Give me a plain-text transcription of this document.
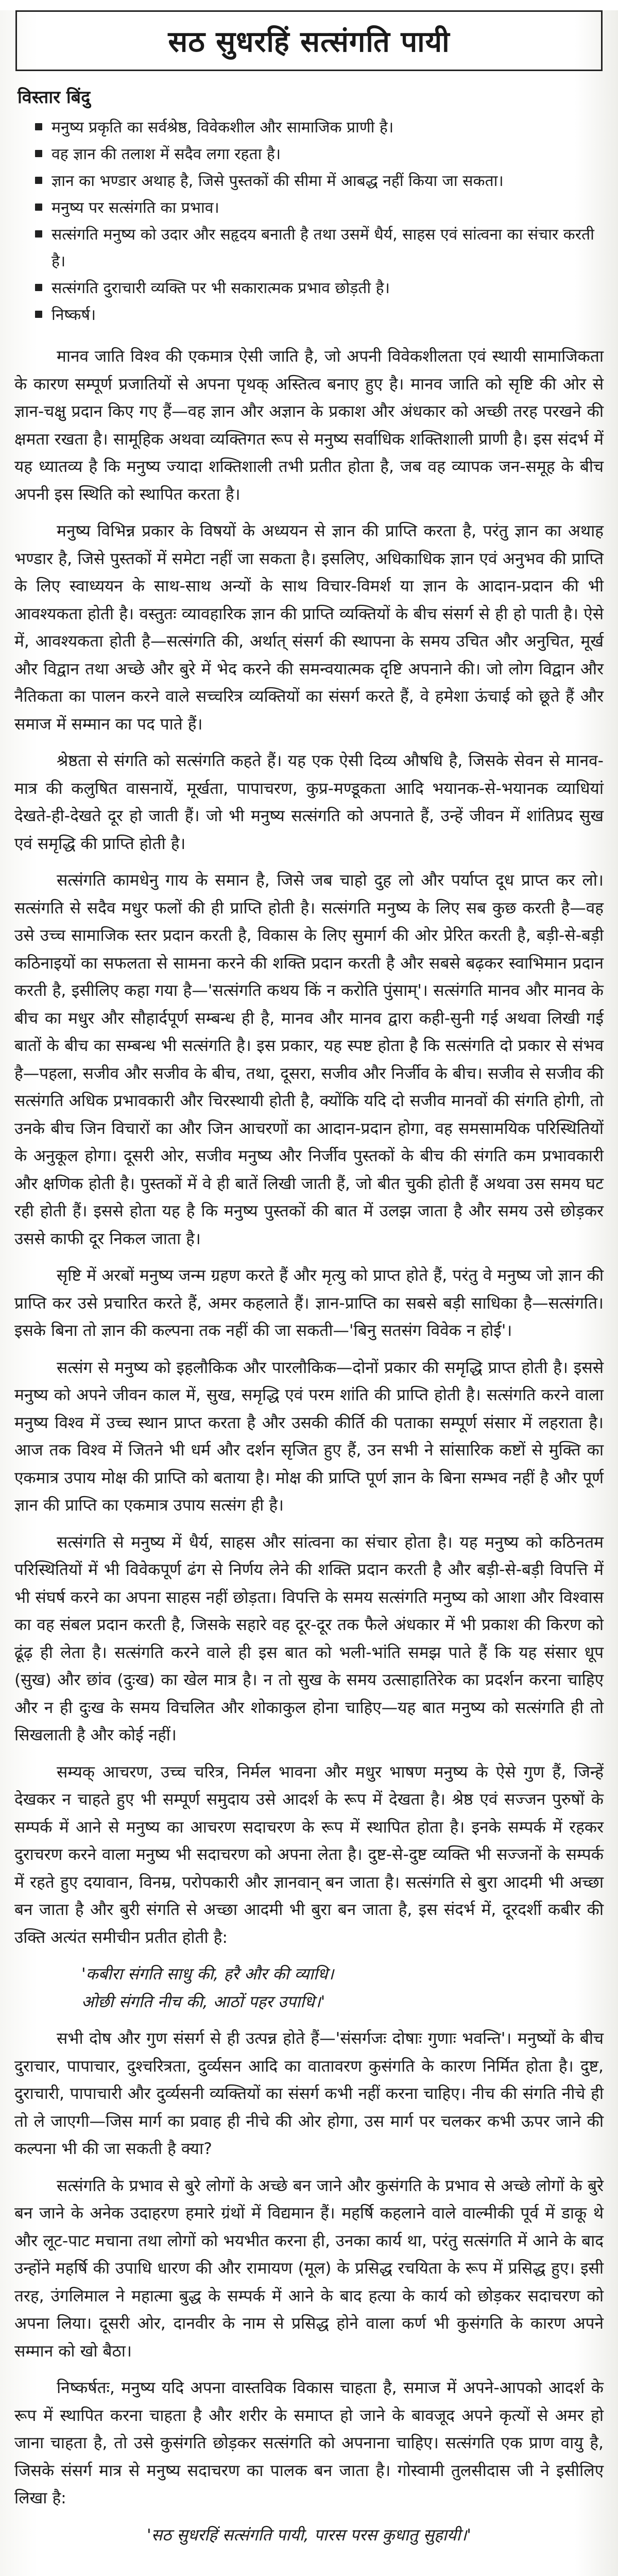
सठ सुधरहिं सत्संगति पायी
विस्तार बिंदु
मनुष्य प्रकृति का सर्वश्रेष्ठ, विवेकशील और सामाजिक प्राणी है।
वह ज्ञान की तलाश में सदैव लगा रहता है।
ज्ञान का भण्डार अथाह है, जिसे पुस्तकों की सीमा में आबद्ध नहीं किया जा सकता।
मनुष्य पर सत्संगति का प्रभाव।
सत्संगति मनुष्य को उदार और सहृदय बनाती है तथा उसमें धैर्य, साहस एवं सांत्वना का संचार करती है।
सत्संगति दुराचारी व्यक्ति पर भी सकारात्मक प्रभाव छोड़ती है।
निष्कर्ष।

मानव जाति विश्व की एकमात्र ऐसी जाति है, जो अपनी विवेकशीलता एवं स्थायी सामाजिकता के कारण सम्पूर्ण प्रजातियों से अपना पृथक् अस्तित्व बनाए हुए है। मानव जाति को सृष्टि की ओर से ज्ञान-चक्षु प्रदान किए गए हैं—वह ज्ञान और अज्ञान के प्रकाश और अंधकार को अच्छी तरह परखने की क्षमता रखता है। सामूहिक अथवा व्यक्तिगत रूप से मनुष्य सर्वाधिक शक्तिशाली प्राणी है। इस संदर्भ में यह ध्यातव्य है कि मनुष्य ज्यादा शक्तिशाली तभी प्रतीत होता है, जब वह व्यापक जन-समूह के बीच अपनी इस स्थिति को स्थापित करता है।

मनुष्य विभिन्न प्रकार के विषयों के अध्ययन से ज्ञान की प्राप्ति करता है, परंतु ज्ञान का अथाह भण्डार है, जिसे पुस्तकों में समेटा नहीं जा सकता है। इसलिए, अधिकाधिक ज्ञान एवं अनुभव की प्राप्ति के लिए स्वाध्ययन के साथ-साथ अन्यों के साथ विचार-विमर्श या ज्ञान के आदान-प्रदान की भी आवश्यकता होती है। वस्तुतः व्यावहारिक ज्ञान की प्राप्ति व्यक्तियों के बीच संसर्ग से ही हो पाती है। ऐसे में, आवश्यकता होती है—सत्संगति की, अर्थात् संसर्ग की स्थापना के समय उचित और अनुचित, मूर्ख और विद्वान तथा अच्छे और बुरे में भेद करने की समन्वयात्मक दृष्टि अपनाने की। जो लोग विद्वान और नैतिकता का पालन करने वाले सच्चरित्र व्यक्तियों का संसर्ग करते हैं, वे हमेशा ऊंचाई को छूते हैं और समाज में सम्मान का पद पाते हैं।

श्रेष्ठता से संगति को सत्संगति कहते हैं। यह एक ऐसी दिव्य औषधि है, जिसके सेवन से मानव-मात्र की कलुषित वासनायें, मूर्खता, पापाचरण, कुप्र-मण्डूकता आदि भयानक-से-भयानक व्याधियां देखते-ही-देखते दूर हो जाती हैं। जो भी मनुष्य सत्संगति को अपनाते हैं, उन्हें जीवन में शांतिप्रद सुख एवं समृद्धि की प्राप्ति होती है।

सत्संगति कामधेनु गाय के समान है, जिसे जब चाहो दुह लो और पर्याप्त दूध प्राप्त कर लो। सत्संगति से सदैव मधुर फलों की ही प्राप्ति होती है। सत्संगति मनुष्य के लिए सब कुछ करती है—वह उसे उच्च सामाजिक स्तर प्रदान करती है, विकास के लिए सुमार्ग की ओर प्रेरित करती है, बड़ी-से-बड़ी कठिनाइयों का सफलता से सामना करने की शक्ति प्रदान करती है और सबसे बढ़कर स्वाभिमान प्रदान करती है, इसीलिए कहा गया है—'सत्संगति कथय किं न करोति पुंसाम्'। सत्संगति मानव और मानव के बीच का मधुर और सौहार्दपूर्ण सम्बन्ध ही है, मानव और मानव द्वारा कही-सुनी गई अथवा लिखी गई बातों के बीच का सम्बन्ध भी सत्संगति है। इस प्रकार, यह स्पष्ट होता है कि सत्संगति दो प्रकार से संभव है—पहला, सजीव और सजीव के बीच, तथा, दूसरा, सजीव और निर्जीव के बीच। सजीव से सजीव की सत्संगति अधिक प्रभावकारी और चिरस्थायी होती है, क्योंकि यदि दो सजीव मानवों की संगति होगी, तो उनके बीच जिन विचारों का और जिन आचरणों का आदान-प्रदान होगा, वह समसामयिक परिस्थितियों के अनुकूल होगा। दूसरी ओर, सजीव मनुष्य और निर्जीव पुस्तकों के बीच की संगति कम प्रभावकारी और क्षणिक होती है। पुस्तकों में वे ही बातें लिखी जाती हैं, जो बीत चुकी होती हैं अथवा उस समय घट रही होती हैं। इससे होता यह है कि मनुष्य पुस्तकों की बात में उलझ जाता है और समय उसे छोड़कर उससे काफी दूर निकल जाता है।

सृष्टि में अरबों मनुष्य जन्म ग्रहण करते हैं और मृत्यु को प्राप्त होते हैं, परंतु वे मनुष्य जो ज्ञान की प्राप्ति कर उसे प्रचारित करते हैं, अमर कहलाते हैं। ज्ञान-प्राप्ति का सबसे बड़ी साधिका है—सत्संगति। इसके बिना तो ज्ञान की कल्पना तक नहीं की जा सकती—'बिनु सतसंग विवेक न होई'।

सत्संग से मनुष्य को इहलौकिक और पारलौकिक—दोनों प्रकार की समृद्धि प्राप्त होती है। इससे मनुष्य को अपने जीवन काल में, सुख, समृद्धि एवं परम शांति की प्राप्ति होती है। सत्संगति करने वाला मनुष्य विश्व में उच्च स्थान प्राप्त करता है और उसकी कीर्ति की पताका सम्पूर्ण संसार में लहराता है। आज तक विश्व में जितने भी धर्म और दर्शन सृजित हुए हैं, उन सभी ने सांसारिक कष्टों से मुक्ति का एकमात्र उपाय मोक्ष की प्राप्ति को बताया है। मोक्ष की प्राप्ति पूर्ण ज्ञान के बिना सम्भव नहीं है और पूर्ण ज्ञान की प्राप्ति का एकमात्र उपाय सत्संग ही है।

सत्संगति से मनुष्य में धैर्य, साहस और सांत्वना का संचार होता है। यह मनुष्य को कठिनतम परिस्थितियों में भी विवेकपूर्ण ढंग से निर्णय लेने की शक्ति प्रदान करती है और बड़ी-से-बड़ी विपत्ति में भी संघर्ष करने का अपना साहस नहीं छोड़ता। विपत्ति के समय सत्संगति मनुष्य को आशा और विश्वास का वह संबल प्रदान करती है, जिसके सहारे वह दूर-दूर तक फैले अंधकार में भी प्रकाश की किरण को ढूंढ़ ही लेता है। सत्संगति करने वाले ही इस बात को भली-भांति समझ पाते हैं कि यह संसार धूप (सुख) और छांव (दुःख) का खेल मात्र है। न तो सुख के समय उत्साहातिरेक का प्रदर्शन करना चाहिए और न ही दुःख के समय विचलित और शोकाकुल होना चाहिए—यह बात मनुष्य को सत्संगति ही तो सिखलाती है और कोई नहीं।

सम्यक् आचरण, उच्च चरित्र, निर्मल भावना और मधुर भाषण मनुष्य के ऐसे गुण हैं, जिन्हें देखकर न चाहते हुए भी सम्पूर्ण समुदाय उसे आदर्श के रूप में देखता है। श्रेष्ठ एवं सज्जन पुरुषों के सम्पर्क में आने से मनुष्य का आचरण सदाचरण के रूप में स्थापित होता है। इनके सम्पर्क में रहकर दुराचरण करने वाला मनुष्य भी सदाचरण को अपना लेता है। दुष्ट-से-दुष्ट व्यक्ति भी सज्जनों के सम्पर्क में रहते हुए दयावान, विनम्र, परोपकारी और ज्ञानवान् बन जाता है। सत्संगति से बुरा आदमी भी अच्छा बन जाता है और बुरी संगति से अच्छा आदमी भी बुरा बन जाता है, इस संदर्भ में, दूरदर्शी कबीर की उक्ति अत्यंत समीचीन प्रतीत होती है:

'कबीरा संगति साधु की, हरै और की व्याधि।
ओछी संगति नीच की, आठों पहर उपाधि।'

सभी दोष और गुण संसर्ग से ही उत्पन्न होते हैं—'संसर्गजः दोषाः गुणाः भवन्ति'। मनुष्यों के बीच दुराचार, पापाचार, दुश्चरित्रता, दुर्व्यसन आदि का वातावरण कुसंगति के कारण निर्मित होता है। दुष्ट, दुराचारी, पापाचारी और दुर्व्यसनी व्यक्तियों का संसर्ग कभी नहीं करना चाहिए। नीच की संगति नीचे ही तो ले जाएगी—जिस मार्ग का प्रवाह ही नीचे की ओर होगा, उस मार्ग पर चलकर कभी ऊपर जाने की कल्पना भी की जा सकती है क्या?

सत्संगति के प्रभाव से बुरे लोगों के अच्छे बन जाने और कुसंगति के प्रभाव से अच्छे लोगों के बुरे बन जाने के अनेक उदाहरण हमारे ग्रंथों में विद्यमान हैं। महर्षि कहलाने वाले वाल्मीकी पूर्व में डाकू थे और लूट-पाट मचाना तथा लोगों को भयभीत करना ही, उनका कार्य था, परंतु सत्संगति में आने के बाद उन्होंने महर्षि की उपाधि धारण की और रामायण (मूल) के प्रसिद्ध रचयिता के रूप में प्रसिद्ध हुए। इसी तरह, उंगलिमाल ने महात्मा बुद्ध के सम्पर्क में आने के बाद हत्या के कार्य को छोड़कर सदाचरण को अपना लिया। दूसरी ओर, दानवीर के नाम से प्रसिद्ध होने वाला कर्ण भी कुसंगति के कारण अपने सम्मान को खो बैठा।

निष्कर्षतः, मनुष्य यदि अपना वास्तविक विकास चाहता है, समाज में अपने-आपको आदर्श के रूप में स्थापित करना चाहता है और शरीर के समाप्त हो जाने के बावजूद अपने कृत्यों से अमर हो जाना चाहता है, तो उसे कुसंगति छोड़कर सत्संगति को अपनाना चाहिए। सत्संगति एक प्राण वायु है, जिसके संसर्ग मात्र से मनुष्य सदाचरण का पालक बन जाता है। गोस्वामी तुलसीदास जी ने इसीलिए लिखा है:

'सठ सुधरहिं सत्संगति पायी, पारस परस कुधातु सुहायी।'
